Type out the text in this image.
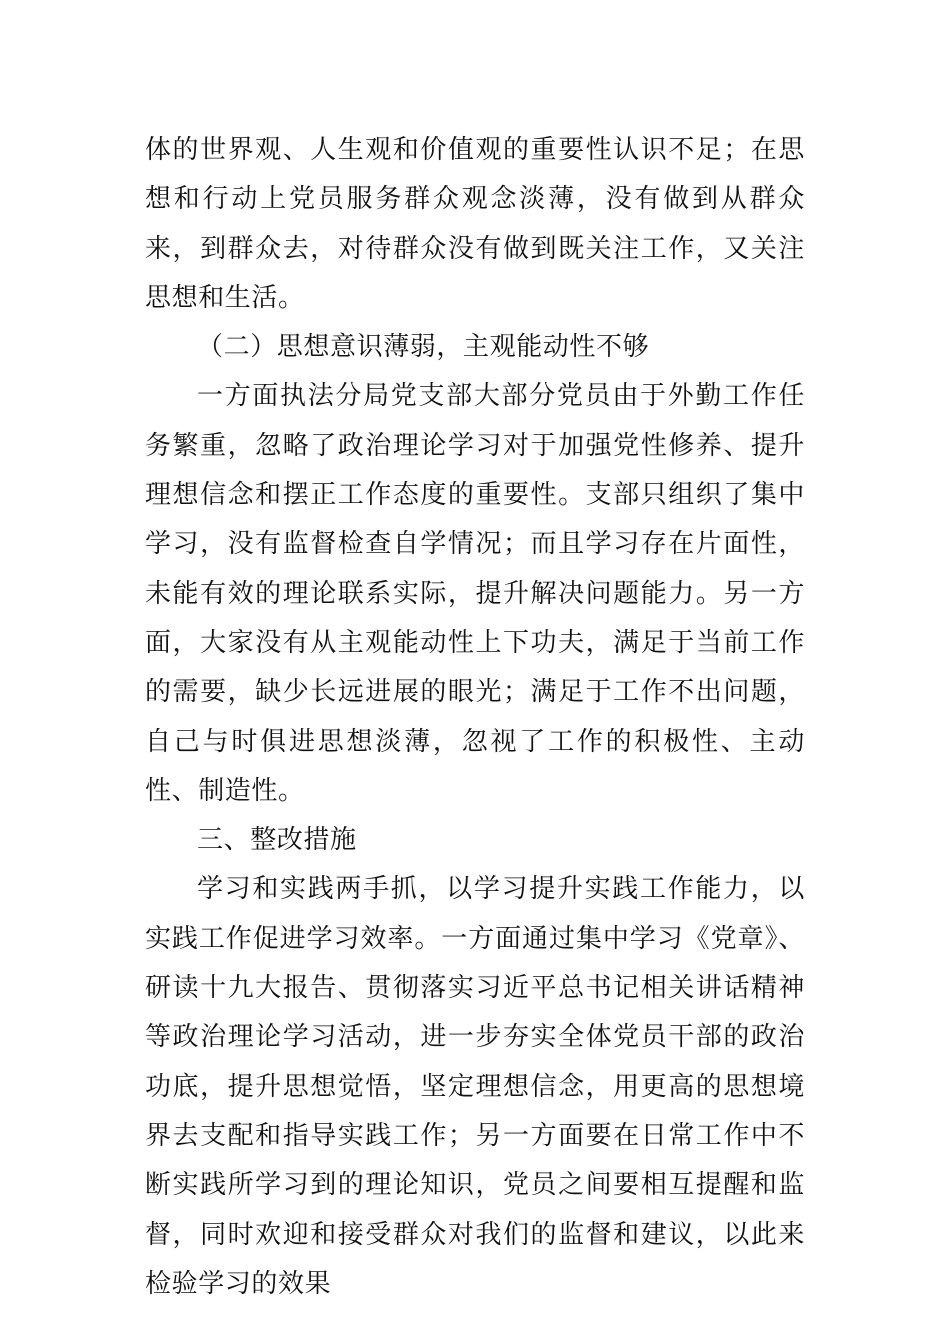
体的世界观、人生观和价值观的重要性认识不足；在思想和行动上党员服务群众观念淡薄，没有做到从群众来，到群众去，对待群众没有做到既关注工作，又关注思想和生活。

（二）思想意识薄弱，主观能动性不够

一方面执法分局党支部大部分党员由于外勤工作任务繁重，忽略了政治理论学习对于加强党性修养、提升理想信念和摆正工作态度的重要性。支部只组织了集中学习，没有监督检查自学情况；而且学习存在片面性，未能有效的理论联系实际，提升解决问题能力。另一方面，大家没有从主观能动性上下功夫，满足于当前工作的需要，缺少长远进展的眼光；满足于工作不出问题，自己与时俱进思想淡薄，忽视了工作的积极性、主动性、制造性。

三、整改措施

学习和实践两手抓，以学习提升实践工作能力，以实践工作促进学习效率。一方面通过集中学习《党章》、研读十九大报告、贯彻落实习近平总书记相关讲话精神等政治理论学习活动，进一步夯实全体党员干部的政治功底，提升思想觉悟，坚定理想信念，用更高的思想境界去支配和指导实践工作；另一方面要在日常工作中不断实践所学习到的理论知识，党员之间要相互提醒和监督，同时欢迎和接受群众对我们的监督和建议，以此来检验学习的效果
